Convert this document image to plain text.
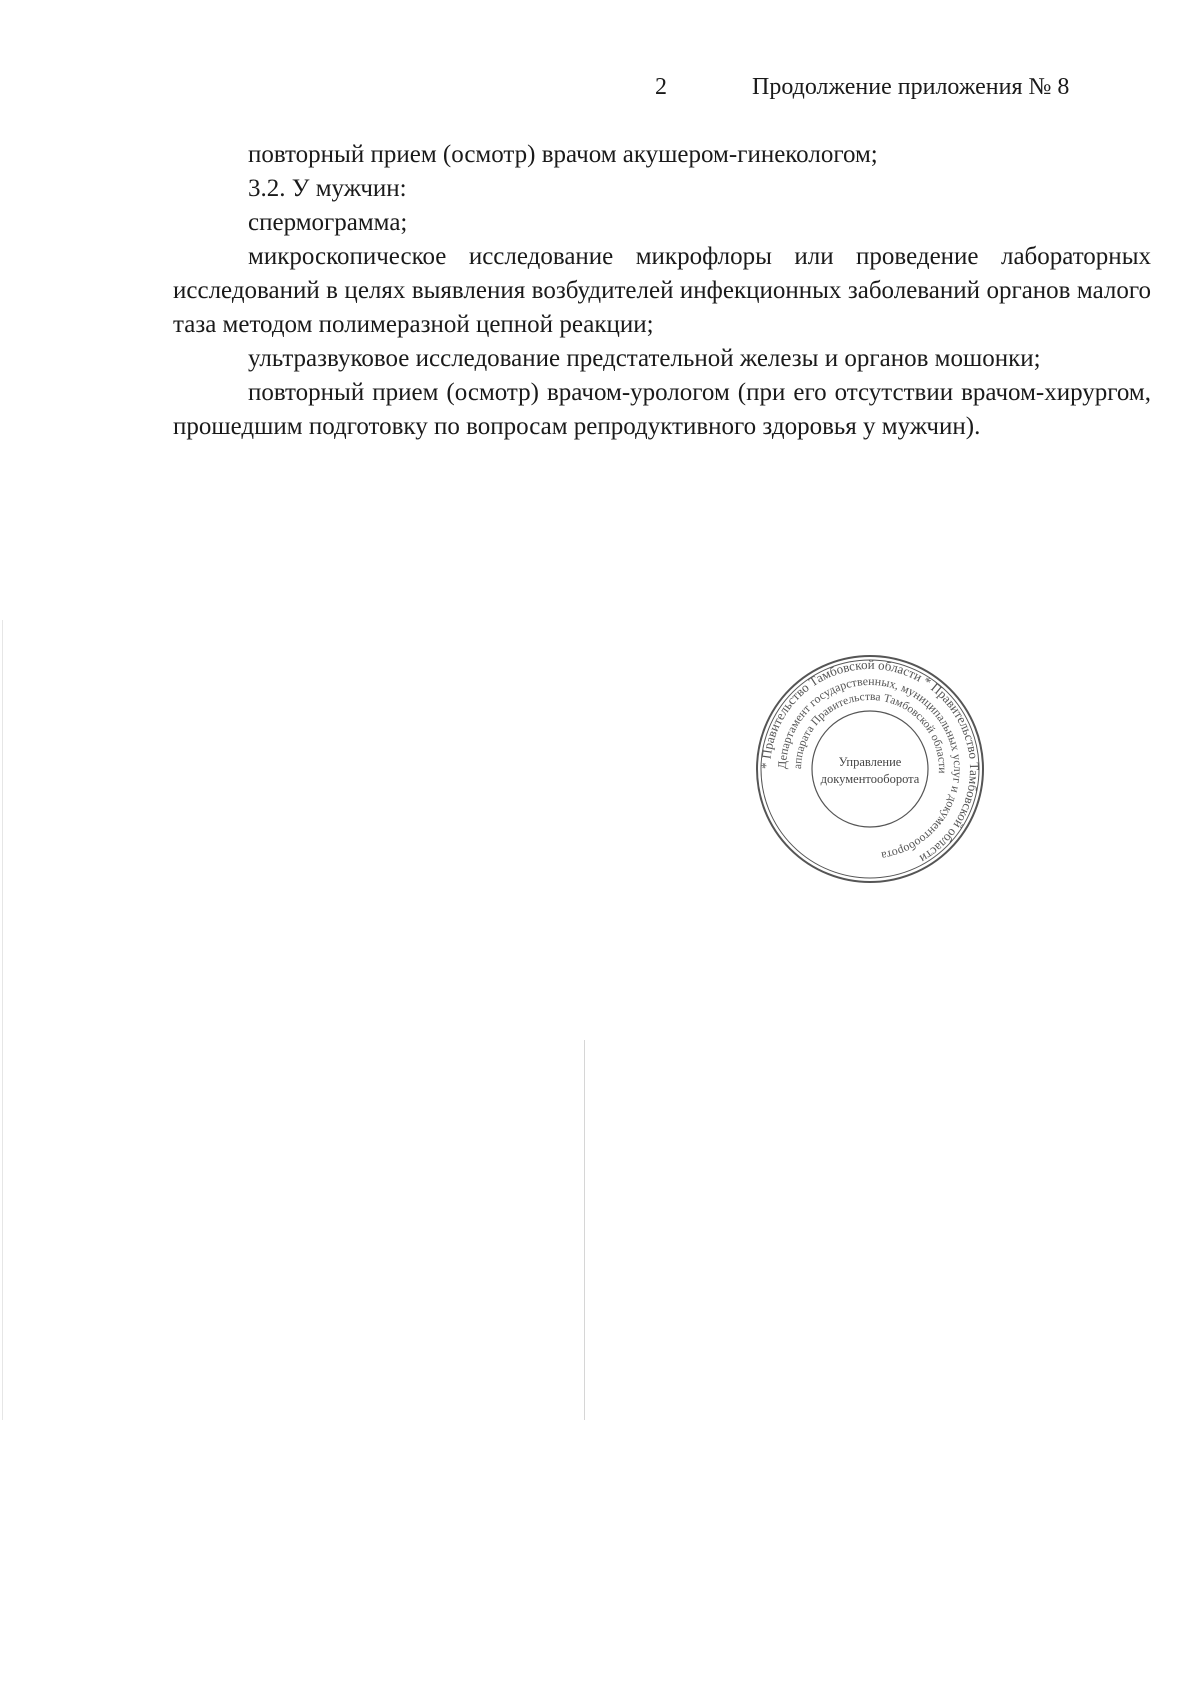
2	Продолжение приложения № 8

повторный прием (осмотр) врачом акушером-гинекологом;

3.2. У мужчин:

спермограмма;

микроскопическое исследование микрофлоры или проведение лабораторных исследований в целях выявления возбудителей инфекционных заболеваний органов малого таза методом полимеразной цепной реакции;

ультразвуковое исследование предстательной железы и органов мошонки;

повторный прием (осмотр) врачом-урологом (при его отсутствии врачом-хирургом, прошедшим подготовку по вопросам репродуктивного здоровья у мужчин).

* Правительство Тамбовской области * Правительство Тамбовской области
Департамент государственных, муниципальных услуг и документооборота
аппарата Правительства Тамбовской области
Управление
документооборота
